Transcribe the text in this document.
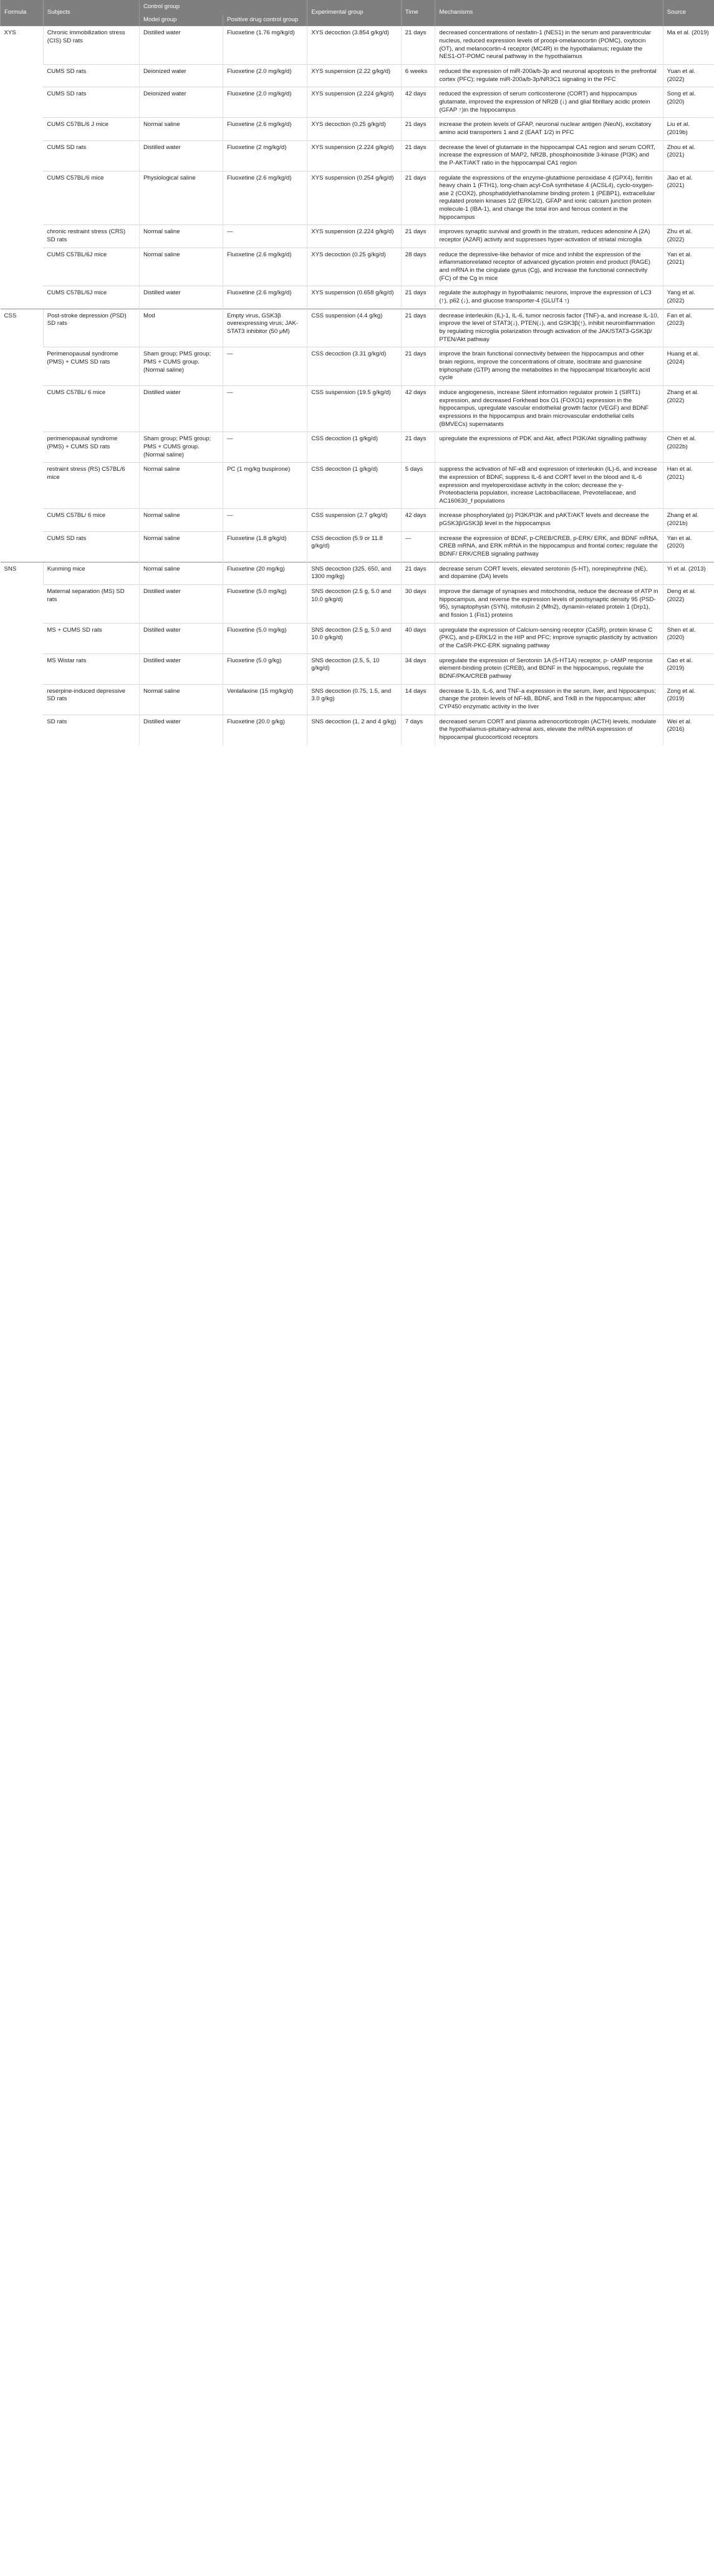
Formula	Subjects	Control group		Experimental group	Time	Mechanisms	Source
		Model group	Positive drug control group				
XYS	Chronic immobilization stress (CIS) SD rats	Distilled water	Fluoxetine (1.76 mg/kg/d)	XYS decoction (3.854 g/kg/d)	21 days	decreased concentrations of nesfatin-1 (NES1) in the serum and paraventricular nucleus, reduced expression levels of proopi-omelanocortin (POMC), oxytocin (OT), and melanocortin-4 receptor (MC4R) in the hypothalamus; regulate the NES1-OT-POMC neural pathway in the hypothalamus	Ma et al. (2019)
	CUMS SD rats	Deionized water	Fluoxetine (2.0 mg/kg/d)	XYS suspension (2.22 g/kg/d)	6 weeks	reduced the expression of miR-200a/b-3p and neuronal apoptosis in the prefrontal cortex (PFC); regulate miR-200a/b-3p/NR3C1 signaling in the PFC	Yuan et al. (2022)
	CUMS SD rats	Deionized water	Fluoxetine (2.0 mg/kg/d)	XYS suspension (2.224 g/kg/d)	42 days	reduced the expression of serum corticosterone (CORT) and hippocampus glutamate, improved the expression of NR2B (↓) and glial fibrillary acidic protein (GFAP ↑)in the hippocampus	Song et al. (2020)
	CUMS C57BL/6 J mice	Normal saline	Fluoxetine (2.6 mg/kg/d)	XYS decoction (0.25 g/kg/d)	21 days	increase the protein levels of GFAP, neuronal nuclear antigen (NeuN), excitatory amino acid transporters 1 and 2 (EAAT 1/2) in PFC	Liu et al. (2019b)
	CUMS SD rats	Distilled water	Fluoxetine (2 mg/kg/d)	XYS suspension (2.224 g/kg/d)	21 days	decrease the level of glutamate in the hippocampal CA1 region and serum CORT, increase the expression of MAP2, NR2B, phosphoinositide 3-kinase (PI3K) and the P-AKT/AKT ratio in the hippocampal CA1 region	Zhou et al. (2021)
	CUMS C57BL/6 mice	Physiological saline	Fluoxetine (2.6 mg/kg/d)	XYS suspension (0.254 g/kg/d)	21 days	regulate the expressions of the enzyme-glutathione peroxidase 4 (GPX4), ferritin heavy chain 1 (FTH1), long-chain acyl-CoA synthetase 4 (ACSL4), cyclo-oxygen-ase 2 (COX2), phosphatidylethanolamine binding protein 1 (PEBP1), extracellular regulated protein kinases 1/2 (ERK1/2), GFAP and ionic calcium junction protein molecule-1 (IBA-1), and change the total iron and ferrous content in the hippocampus	Jiao et al. (2021)
	chronic restraint stress (CRS) SD rats	Normal saline	—	XYS suspension (2.224 g/kg/d)	21 days	improves synaptic survival and growth in the stratum, reduces adenosine A (2A) receptor (A2AR) activity and suppresses hyper-activation of striatal microglia	Zhu et al. (2022)
	CUMS C57BL/6J mice	Normal saline	Fluoxetine (2.6 mg/kg/d)	XYS decoction (0.25 g/kg/d)	28 days	reduce the depressive-like behavior of mice and inhibit the expression of the inflammationrelated receptor of advanced glycation protein end product (RAGE) and mRNA in the cingulate gyrus (Cg), and increase the functional connectivity (FC) of the Cg in mice	Yan et al. (2021)
	CUMS C57BL/6J mice	Distilled water	Fluoxetine (2.6 mg/kg/d)	XYS suspension (0.658 g/kg/d)	21 days	regulate the autophagy in hypothalamic neurons, improve the expression of LC3 (↑), p62 (↓), and glucose transporter-4 (GLUT4 ↑)	Yang et al. (2022)
CSS	Post-stroke depression (PSD) SD rats	Mod	Empty virus, GSK3β overexpressing virus; JAK-STAT3 inhibitor (50 μM)	CSS suspension (4.4 g/kg)	21 days	decrease interleukin (IL)-1, IL-6, tumor necrosis factor (TNF)-a, and increase IL-10, improve the level of STAT3(↓), PTEN(↓), and GSK3β(↑), inhibit neuroinflammation by regulating microglia polarization through activation of the JAK/STAT3-GSK3β/ PTEN/Akt pathway	Fan et al. (2023)
	Perimenopausal syndrome (PMS) + CUMS SD rats	Sham group; PMS group; PMS + CUMS group. (Normal saline)	—	CSS decoction (3.31 g/kg/d)	21 days	improve the brain functional connectivity between the hippocampus and other brain regions, improve the concentrations of citrate, isocitrate and guanosine triphosphate (GTP) among the metabolites in the hippocampal tricarboxylic acid cycle	Huang et al. (2024)
	CUMS C57BL/ 6 mice	Distilled water	—	CSS suspension (19.5 g/kg/d)	42 days	induce angiogenesis, increase Silent information regulator protein 1 (SIRT1) expression, and decreased Forkhead box O1 (FOXO1) expression in the hippocampus, upregulate vascular endothelial growth factor (VEGF) and BDNF expressions in the hippocampus and brain microvascular endothelial cells (BMVECs) supernatants	Zhang et al. (2022)
	perimenopausal syndrome (PMS) + CUMS SD rats	Sham group; PMS group; PMS + CUMS group. (Normal saline)	—	CSS decoction (1 g/kg/d)	21 days	upregulate the expressions of PDK and Akt, affect PI3K/Akt signalling pathway	Chen et al. (2022b)
	restraint stress (RS) C57BL/6 mice	Normal saline	PC (1 mg/kg buspirone)	CSS decoction (1 g/kg/d)	5 days	suppress the activation of NF-κB and expression of interleukin (IL)-6, and increase the expression of BDNF, suppress IL-6 and CORT level in the blood and IL-6 expression and myeloperoxidase activity in the colon; decrease the γ-Proteobacteria population, increase Lactobacillaceae, Prevotellaceae, and AC160630_f populations	Han et al. (2021)
	CUMS C57BL/ 6 mice	Normal saline	—	CSS suspension (2.7 g/kg/d)	42 days	increase phosphorylated (p) PI3K/PI3K and pAKT/AKT levels and decrease the pGSK3β/GSK3β level in the hippocampus	Zhang et al. (2021b)
	CUMS SD rats	Normal saline	Fluoxetine (1.8 g/kg/d)	CSS decoction (5.9 or 11.8 g/kg/d)	—	increase the expression of BDNF, p-CREB/CREB, p-ERK/ ERK, and BDNF mRNA, CREB mRNA, and ERK mRNA in the hippocampus and frontal cortex; regulate the BDNF/ ERK/CREB signaling pathway	Yan et al. (2020)
SNS	Kunming mice	Normal saline	Fluoxetine (20 mg/kg)	SNS decoction (325, 650, and 1300 mg/kg)	21 days	decrease serum CORT levels, elevated serotonin (5-HT), norepinephrine (NE), and dopamine (DA) levels	Yi et al. (2013)
	Maternal separation (MS) SD rats	Distilled water	Fluoxetine (5.0 mg/kg)	SNS decoction (2.5 g, 5.0 and 10.0 g/kg/d)	30 days	improve the damage of synapses and mitochondria, reduce the decrease of ATP in hippocampus, and reverse the expression levels of postsynaptic density 95 (PSD-95), synaptophysin (SYN), mitofusin 2 (Mfn2), dynamin-related protein 1 (Drp1), and fission 1 (Fis1) proteins	Deng et al. (2022)
	MS + CUMS SD rats	Distilled water	Fluoxetine (5.0 mg/kg)	SNS decoction (2.5 g, 5.0 and 10.0 g/kg/d)	40 days	upregulate the expression of Calcium-sensing receptor (CaSR), protein kinase C (PKC), and p-ERK1/2 in the HIP and PFC; improve synaptic plasticity by activation of the CaSR-PKC-ERK signaling pathway	Shen et al. (2020)
	MS Wistar rats	Distilled water	Fluoxetine (5.0 g/kg)	SNS decoction (2.5, 5, 10 g/kg/d)	34 days	upregulate the expression of Serotonin 1A (5-HT1A) receptor, p- cAMP response element-binding protein (CREB), and BDNF in the hippocampus, regulate the BDNF/PKA/CREB pathway	Cao et al. (2019)
	reserpine-induced depressive SD rats	Normal saline	Venlafaxine (15 mg/kg/d)	SNS decoction (0.75, 1.5, and 3.0 g/kg)	14 days	decrease IL-1b, IL-6, and TNF-a expression in the serum, liver, and hippocampus; change the protein levels of NF-kB, BDNF, and TrkB in the hippocampus; alter CYP450 enzymatic activity in the liver	Zong et al. (2019)
	SD rats	Distilled water	Fluoxetine (20.0 g/kg)	SNS decoction (1, 2 and 4 g/kg)	7 days	decreased serum CORT and plasma adrenocorticotropin (ACTH) levels, modulate the hypothalamus-pituitary-adrenal axis, elevate the mRNA expression of hippocampal glucocorticoid receptors	Wei et al. (2016)
